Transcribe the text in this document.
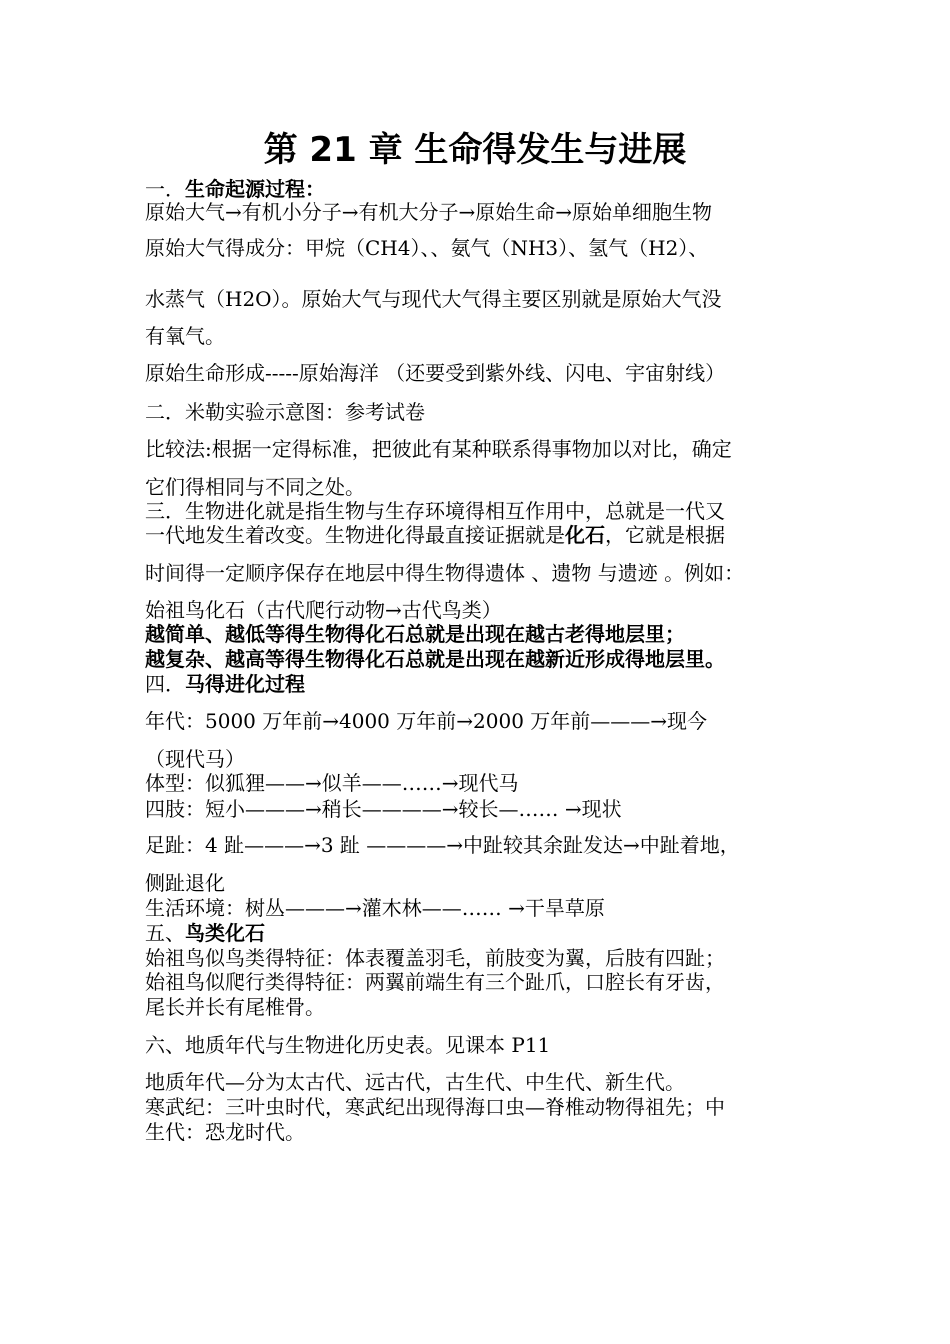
第 21 章 生命得发生与进展
一．生命起源过程：
原始大气→有机小分子→有机大分子→原始生命→原始单细胞生物
原始大气得成分：甲烷（CH4）、、氨气（NH3）、氢气（H2）、
水蒸气（H2O）。原始大气与现代大气得主要区别就是原始大气没
有氧气。
原始生命形成-----原始海洋 （还要受到紫外线、闪电、宇宙射线）
二．米勒实验示意图：参考试卷
比较法:根据一定得标准，把彼此有某种联系得事物加以对比，确定
它们得相同与不同之处。
三．生物进化就是指生物与生存环境得相互作用中，总就是一代又
一代地发生着改变。生物进化得最直接证据就是化石，它就是根据
时间得一定顺序保存在地层中得生物得遗体 、遗物 与遗迹 。例如：
始祖鸟化石（古代爬行动物→古代鸟类）
越简单、越低等得生物得化石总就是出现在越古老得地层里；
越复杂、越高等得生物得化石总就是出现在越新近形成得地层里。
四．马得进化过程
年代：5000 万年前→4000 万年前→2000 万年前———→现今
（现代马）
体型：似狐狸——→似羊——……→现代马
四肢：短小———→稍长————→较长—…… →现状
足趾：4 趾———→3 趾 ————→中趾较其余趾发达→中趾着地，
侧趾退化
生活环境：树丛———→灌木林——…… →干旱草原
五、鸟类化石
始祖鸟似鸟类得特征：体表覆盖羽毛，前肢变为翼，后肢有四趾；
始祖鸟似爬行类得特征：两翼前端生有三个趾爪，口腔长有牙齿，
尾长并长有尾椎骨。
六、地质年代与生物进化历史表。见课本 P11
地质年代—分为太古代、远古代，古生代、中生代、新生代。
寒武纪：三叶虫时代，寒武纪出现得海口虫—脊椎动物得祖先；中
生代：恐龙时代。
